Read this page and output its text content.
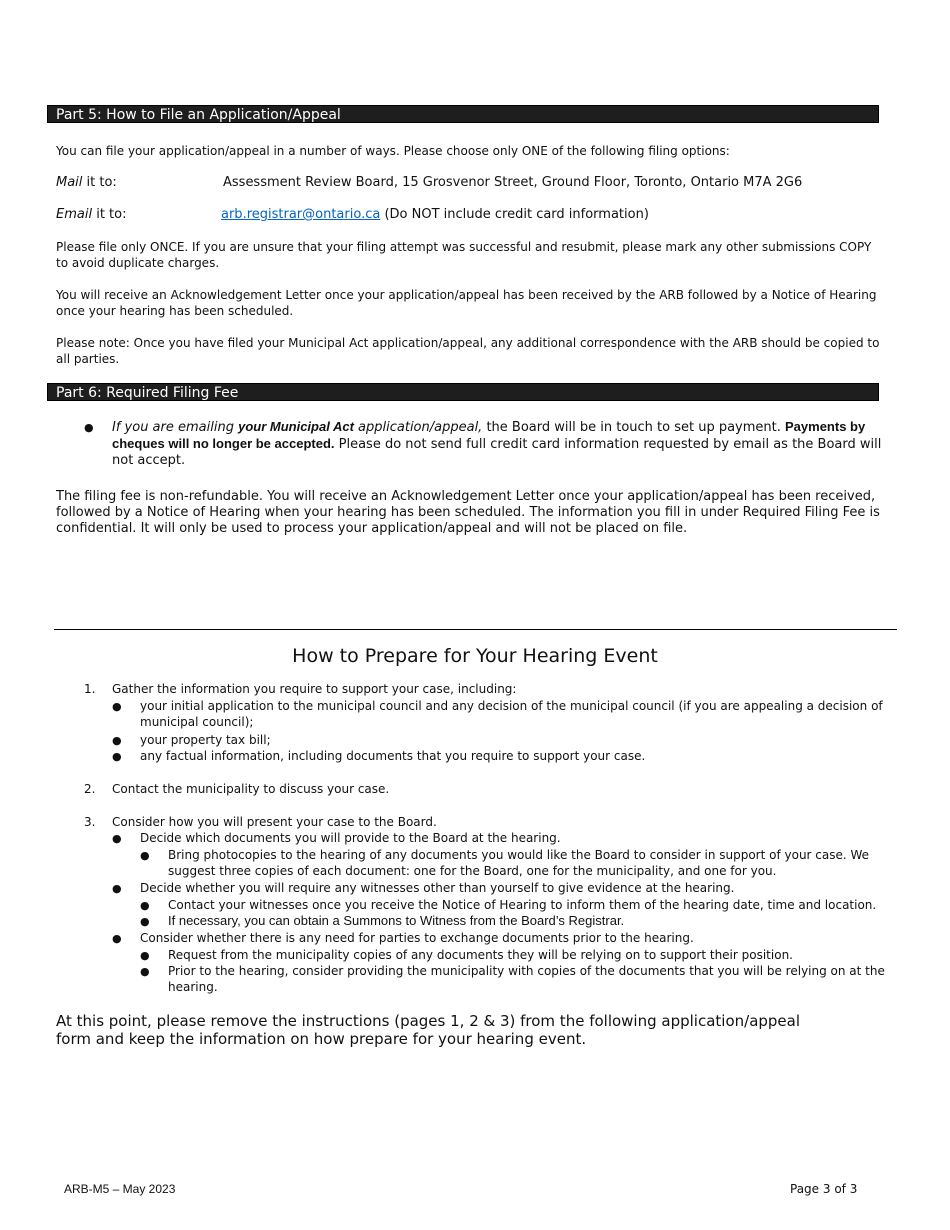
Part 5: How to File an Application/Appeal
You can file your application/appeal in a number of ways. Please choose only ONE of the following filing options:
Mail it to:	Assessment Review Board, 15 Grosvenor Street, Ground Floor, Toronto, Ontario M7A 2G6
Email it to:	arb.registrar@ontario.ca (Do NOT include credit card information)
Please file only ONCE. If you are unsure that your filing attempt was successful and resubmit, please mark any other submissions COPY to avoid duplicate charges.
You will receive an Acknowledgement Letter once your application/appeal has been received by the ARB followed by a Notice of Hearing once your hearing has been scheduled.
Please note: Once you have filed your Municipal Act application/appeal, any additional correspondence with the ARB should be copied to all parties.
Part 6: Required Filing Fee
● If you are emailing your Municipal Act application/appeal, the Board will be in touch to set up payment. Payments by cheques will no longer be accepted. Please do not send full credit card information requested by email as the Board will not accept.
The filing fee is non-refundable. You will receive an Acknowledgement Letter once your application/appeal has been received, followed by a Notice of Hearing when your hearing has been scheduled. The information you fill in under Required Filing Fee is confidential. It will only be used to process your application/appeal and will not be placed on file.
How to Prepare for Your Hearing Event
1. Gather the information you require to support your case, including:
● your initial application to the municipal council and any decision of the municipal council (if you are appealing a decision of municipal council);
● your property tax bill;
● any factual information, including documents that you require to support your case.
2. Contact the municipality to discuss your case.
3. Consider how you will present your case to the Board.
● Decide which documents you will provide to the Board at the hearing.
● Bring photocopies to the hearing of any documents you would like the Board to consider in support of your case. We suggest three copies of each document: one for the Board, one for the municipality, and one for you.
● Decide whether you will require any witnesses other than yourself to give evidence at the hearing.
● Contact your witnesses once you receive the Notice of Hearing to inform them of the hearing date, time and location.
● If necessary, you can obtain a Summons to Witness from the Board’s Registrar.
● Consider whether there is any need for parties to exchange documents prior to the hearing.
● Request from the municipality copies of any documents they will be relying on to support their position.
● Prior to the hearing, consider providing the municipality with copies of the documents that you will be relying on at the hearing.
At this point, please remove the instructions (pages 1, 2 & 3) from the following application/appeal form and keep the information on how prepare for your hearing event.
ARB-M5 – May 2023	Page 3 of 3
